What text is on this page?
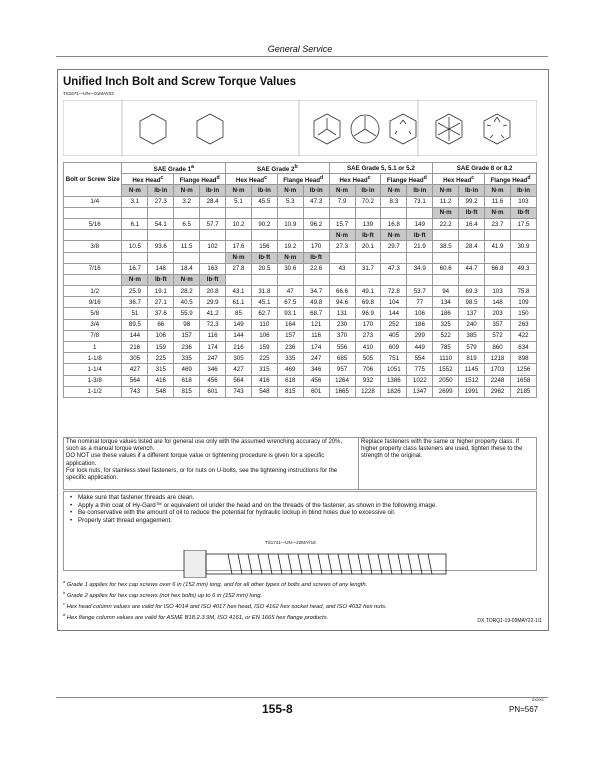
General Service
Unified Inch Bolt and Screw Torque Values
TS1671—UN—01MAY03
Bolt or Screw Size	SAE Grade 1$^a$				SAE Grade 2$^b$				SAE Grade 5, 5.1 or 5.2				SAE Grade 8 or 8.2			
	Hex Head$^c$		Flange Head$^d$		Hex Head$^c$		Flange Head$^d$		Hex Head$^c$		Flange Head$^d$		Hex Head$^c$		Flange Head$^d$
	N·m	lb·in	N·m	lb·in	N·m	lb·in	N·m	lb·in	N·m	lb·in	N·m	lb·in	N·m	lb·in	N·m	lb·in
1/4	3.1	27.3	3.2	28.4	5.1	45.5	5.3	47.3	7.9	70.2	8.3	73.1	11.2	99.2	11.6	103
													N·m	lb·ft	N·m	lb·ft
5/16	6.1	54.1	6.5	57.7	10.2	90.2	10.9	96.2	15.7	139	16.8	149	22.2	16.4	23.7	17.5
									N·m	lb·ft	N·m	lb·ft				
3/8	10.5	93.6	11.5	102	17.6	156	19.2	170	27.3	20.1	29.7	21.9	38.5	28.4	41.9	30.9
					N·m	lb·ft	N·m	lb·ft								
7/16	16.7	148	18.4	163	27.8	20.5	30.6	22.6	43	31.7	47.3	34.9	60.6	44.7	66.8	49.3
	N·m	lb·ft	N·m	lb·ft												
1/2	25.9	19.1	28.2	20.8	43.1	31.8	47	34.7	66.6	49.1	72.8	53.7	94	69.3	103	75.8
9/16	36.7	27.1	40.5	29.9	61.1	45.1	67.5	49.8	94.6	69.8	104	77	134	98.5	148	109
5/8	51	37.6	55.9	41.2	85	62.7	93.1	68.7	131	96.9	144	106	186	137	203	150
3/4	89.5	66	98	72.3	149	110	164	121	230	170	252	186	325	240	357	263
7/8	144	106	157	116	144	106	157	116	370	273	405	299	522	385	572	422
1	216	159	236	174	216	159	236	174	556	410	609	449	785	579	860	634
1-1/8	305	225	335	247	305	225	335	247	685	505	751	554	1110	819	1218	898
1-1/4	427	315	469	346	427	315	469	346	957	706	1051	775	1552	1145	1703	1256
1-3/8	564	416	618	456	564	416	618	456	1264	932	1386	1022	2050	1512	2248	1658
1-1/2	743	548	815	601	743	548	815	601	1665	1228	1826	1347	2699	1991	2962	2185
The nominal torque values listed are for general use only with the assumed wrenching accuracy of 20%, such as a manual torque wrench.
DO NOT use these values if a different torque value or tightening procedure is given for a specific application.
For lock nuts, for stainless steel fasteners, or for nuts on U-bolts, see the tightening instructions for the specific application.
Replace fasteners with the same or higher property class. If higher property class fasteners are used, tighten these to the strength of the original.
• Make sure that fastener threads are clean.
• Apply a thin coat of Hy-Gard™ or equivalent oil under the head and on the threads of the fastener, as shown in the following image.
• Be conservative with the amount of oil to reduce the potential for hydraulic lockup in blind holes due to excessive oil.
• Properly start thread engagement.
TS1741—UN—22MAY18
$^a$ Grade 1 applies for hex cap screws over 6 in (152 mm) long, and for all other types of bolts and screws of any length.
$^b$ Grade 2 applies for hex cap screws (not hex bolts) up to 6 in (152 mm) long.
$^c$ Hex head column values are valid for ISO 4014 and ISO 4017 hex head, ISO 4162 hex socket head, and ISO 4032 hex nuts.
$^d$ Hex flange column values are valid for ASME B18.2.3.9M, ISO 4161, or EN 1665 hex flange products.
DX,TORQ1-19-09MAY22-1/1
155-8
0X0X1
PN=567
